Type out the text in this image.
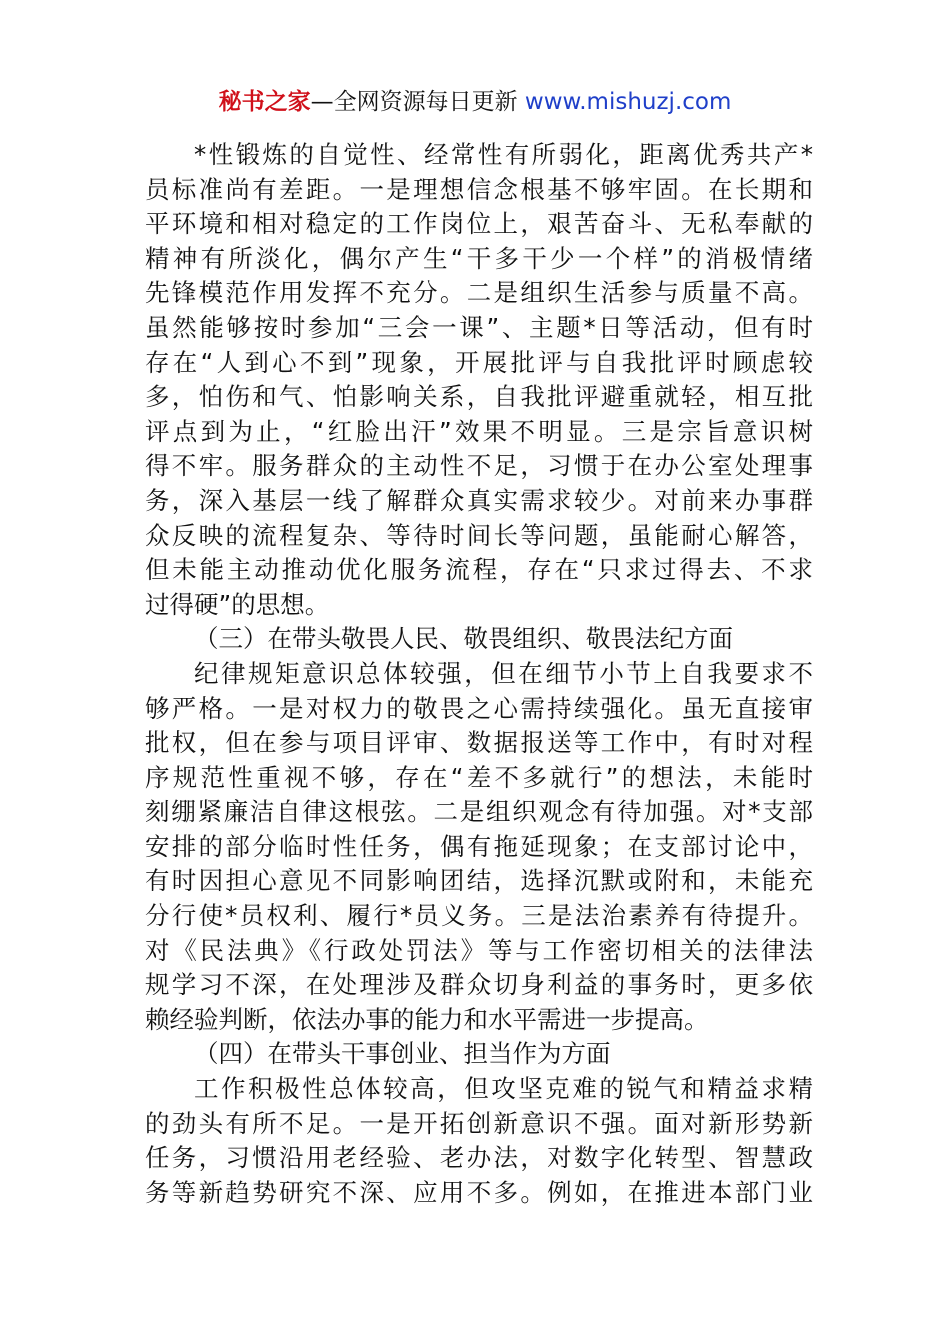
秘书之家—全网资源每日更新 www.mishuzj.com
*性锻炼的自觉性、经常性有所弱化，距离优秀共产*
员标准尚有差距。一是理想信念根基不够牢固。在长期和
平环境和相对稳定的工作岗位上，艰苦奋斗、无私奉献的
精神有所淡化，偶尔产生“干多干少一个样”的消极情绪
先锋模范作用发挥不充分。二是组织生活参与质量不高。
虽然能够按时参加“三会一课”、主题*日等活动，但有时
存在“人到心不到”现象，开展批评与自我批评时顾虑较
多，怕伤和气、怕影响关系，自我批评避重就轻，相互批
评点到为止，“红脸出汗”效果不明显。三是宗旨意识树
得不牢。服务群众的主动性不足，习惯于在办公室处理事
务，深入基层一线了解群众真实需求较少。对前来办事群
众反映的流程复杂、等待时间长等问题，虽能耐心解答，
但未能主动推动优化服务流程，存在“只求过得去、不求
过得硬”的思想。
（三）在带头敬畏人民、敬畏组织、敬畏法纪方面
纪律规矩意识总体较强，但在细节小节上自我要求不
够严格。一是对权力的敬畏之心需持续强化。虽无直接审
批权，但在参与项目评审、数据报送等工作中，有时对程
序规范性重视不够，存在“差不多就行”的想法，未能时
刻绷紧廉洁自律这根弦。二是组织观念有待加强。对*支部
安排的部分临时性任务，偶有拖延现象；在支部讨论中，
有时因担心意见不同影响团结，选择沉默或附和，未能充
分行使*员权利、履行*员义务。三是法治素养有待提升。
对《民法典》《行政处罚法》等与工作密切相关的法律法
规学习不深，在处理涉及群众切身利益的事务时，更多依
赖经验判断，依法办事的能力和水平需进一步提高。
（四）在带头干事创业、担当作为方面
工作积极性总体较高，但攻坚克难的锐气和精益求精
的劲头有所不足。一是开拓创新意识不强。面对新形势新
任务，习惯沿用老经验、老办法，对数字化转型、智慧政
务等新趋势研究不深、应用不多。例如，在推进本部门业
